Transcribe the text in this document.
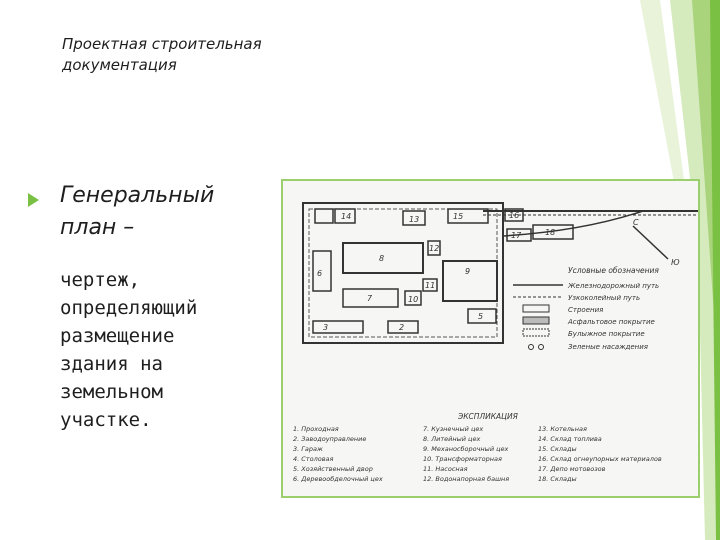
Проектная строительная
документация
Генеральный
план –
чертеж,
определяющий
размещение
здания на
земельном
участке.
14	13	15	16
17	18
8
9
6
7	10
11
12
5
3	2
С
Ю
Условные обозначения
Железнодорожный путь
Узкоколейный путь
Строения
Асфальтовое покрытие
Булыжное покрытие
Зеленые насаждения
ЭКСПЛИКАЦИЯ
1. Проходная
2. Заводоуправление
3. Гараж
4. Столовая
5. Хозяйственный двор
6. Деревообделочный цех
7. Кузнечный цех
8. Литейный цех
9. Механосборочный цех
10. Трансформаторная
11. Насосная
12. Водонапорная башня
13. Котельная
14. Склад топлива
15. Склады
16. Склад огнеупорных материалов
17. Депо мотовозов
18. Склады
